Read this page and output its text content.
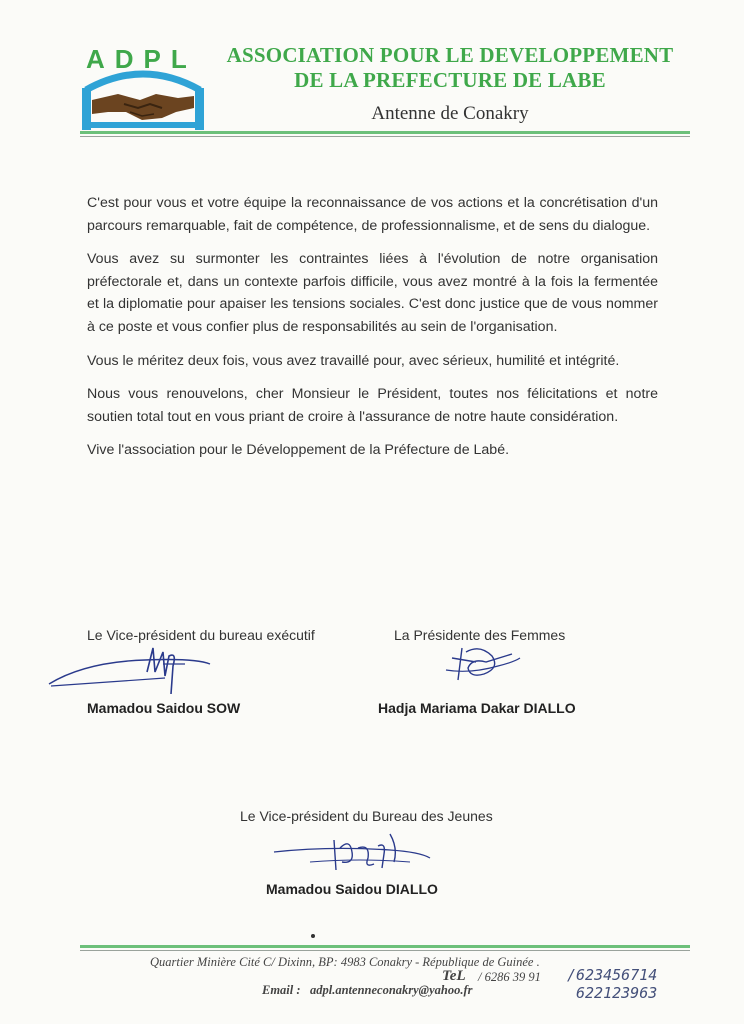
ADPL	ASSOCIATION POUR LE DEVELOPPEMENT
DE LA PREFECTURE DE LABE
Antenne de Conakry

C'est pour vous et votre équipe la reconnaissance de vos actions et la concrétisation d'un parcours remarquable, fait de compétence, de professionnalisme, et de sens du dialogue.

Vous avez su surmonter les contraintes liées à l'évolution de notre organisation préfectorale et, dans un contexte parfois difficile, vous avez montré à la fois la fermentée et la diplomatie pour apaiser les tensions sociales. C'est donc justice que de vous nommer à ce poste et vous confier plus de responsabilités au sein de l'organisation.

Vous le méritez deux fois, vous avez travaillé pour, avec sérieux, humilité et intégrité.

Nous vous renouvelons, cher Monsieur le Président, toutes nos félicitations et notre soutien total tout en vous priant de croire à l'assurance de notre haute considération.

Vive l'association pour le Développement de la Préfecture de Labé.

Le Vice-président du bureau exécutif
Mamadou Saidou SOW
La Présidente des Femmes
Hadja Mariama Dakar DIALLO
Le Vice-président du Bureau des Jeunes
Mamadou Saidou DIALLO
Quartier Minière Cité C/ Dixinn, BP: 4983 Conakry - République de Guinée .
TeL / 6286 39 91 /623456714
622123963
Email : adpl.antenneconakry@yahoo.fr
